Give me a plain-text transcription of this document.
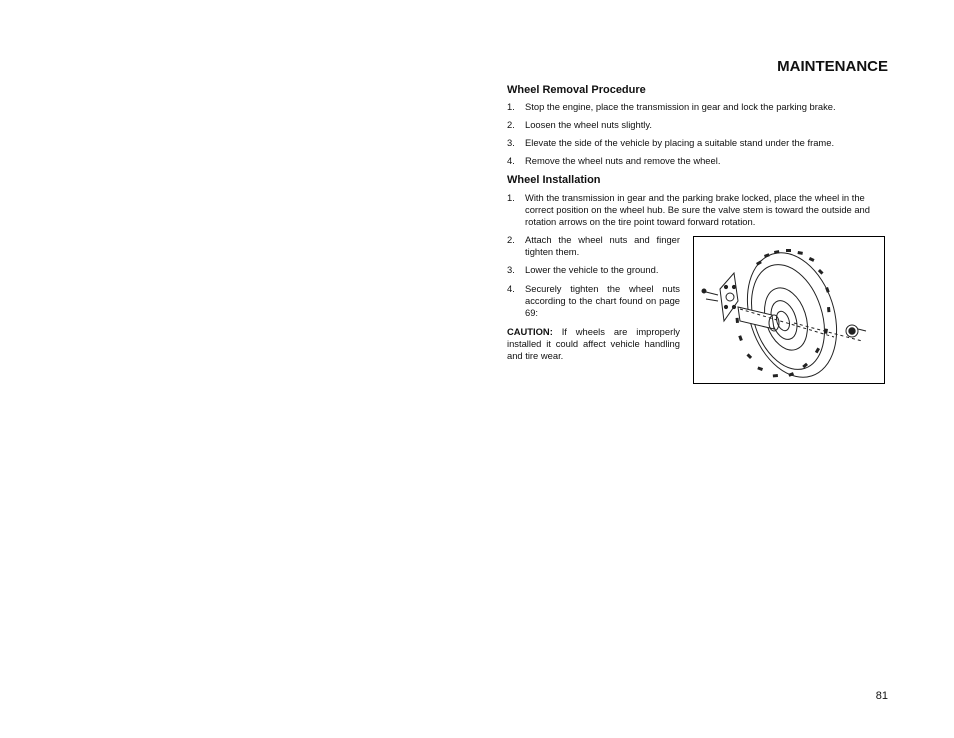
MAINTENANCE
Wheel Removal Procedure
1.	Stop the engine, place the transmission in gear and lock the parking brake.
2.	Loosen the wheel nuts slightly.
3.	Elevate the side of the vehicle by placing a suitable stand under the frame.
4.	Remove the wheel nuts and remove the wheel.
Wheel Installation
1.	With the transmission in gear and the parking brake locked, place the wheel in the correct position on the wheel hub. Be sure the valve stem is toward the outside and rotation arrows on the tire point toward forward rotation.
2.	Attach the wheel nuts and finger tighten them.
3.	Lower the vehicle to the ground.
4.	Securely tighten the wheel nuts according to the chart found on page 69:

CAUTION: If wheels are improperly installed it could affect vehicle handling and tire wear.

81
